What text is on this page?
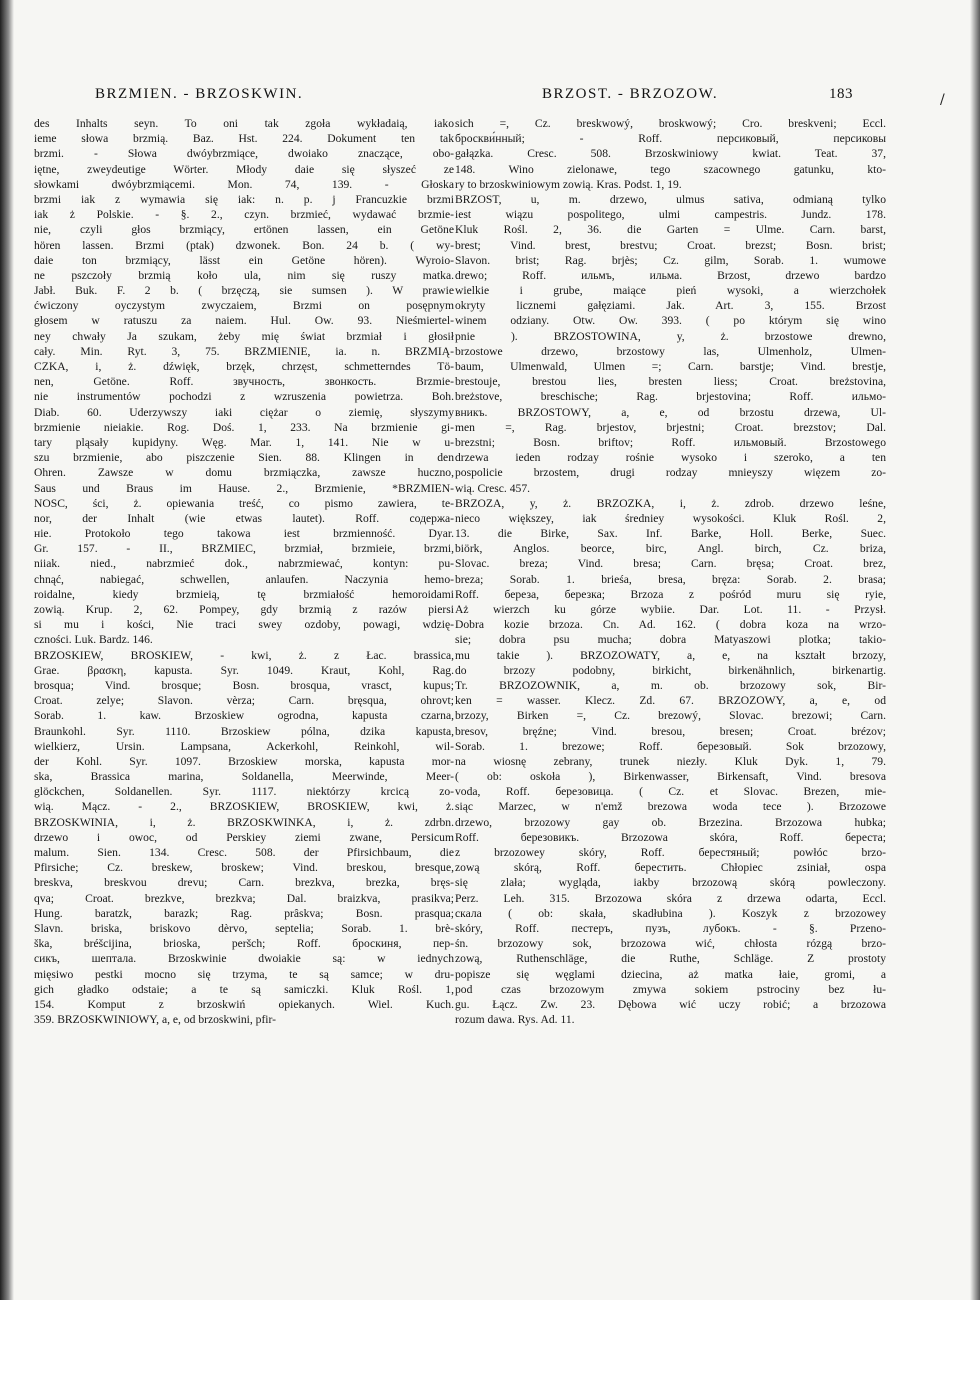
BRZMIEN. - BRZOSKWIN.	BRZOST. - BRZOZOW.	183	/
des Inhalts seyn. To oni tak zgoła wykładaią, iako
ieme słowa brzmią. Baz. Hst. 224. Dokument ten tak
brzmi. - Słowa dwóybrzmiące, dwoiako znaczące, obo-
iętne, zweydeutige Wörter. Młody daie się słyszeć ze
słowkami dwóybrzmiącemi. Mon. 74, 139. - Głoska
brzmi iak z wymawia się iak: n. p. j Francuzkie brzmi
iak ż Polskie. - §. 2., czyn. brzmieć, wydawać brzmie-
nie, czyli głos brzmiący, ertönen lassen, ein Getöne
hören lassen. Brzmi (ptak) dzwonek. Bon. 24 b. ( wy-
daie ton brzmiący, lässt ein Getöne hören). Wyroio-
ne pszczoły brzmią koło ula, nim się ruszy matka.
Jabł. Buk. F. 2 b. ( brzęczą, sie sumsen ). W prawie
ćwiczony oyczystym zwyczaiem, Brzmi on posępnym
głosem w ratuszu za naiem. Hul. Ow. 93. Nieśmiertel-
ney chwały Ja szukam, żeby mię świat brzmiał i głosił
cały. Min. Ryt. 3, 75. BRZMIENIE, ia. n. BRZMIĄ-
CZKA, i, ż. dźwięk, brzęk, chrzęst, schmetterndes Tö-
nen, Getöne. Roff. звучность, звонкость. Brzmie-
nie instrumentów pochodzi z wzruszenia powietrza. Boh.
Diab. 60. Uderzywszy iaki ciężar o ziemię, słyszymy
brzmienie nieiakie. Rog. Doś. 1, 233. Na brzmienie gi-
tary pląsały kupidyny. Węg. Mar. 1, 141. Nie w u-
szu brzmienie, abo piszczenie Sien. 88. Klingen in den
Ohren. Zawsze w domu brzmiączka, zawsze huczno,
Saus und Braus im Hause. 2., Brzmienie, *BRZMIEN-
NOSC, ści, ż. opiewania treść, co pismo zawiera, te-
nor, der Inhalt (wie etwas lautet). Roff. содержа-
ніе. Protokoło tego takowa iest brzmienność. Dyar.
Gr. 157. - II., BRZMIEC, brzmiał, brzmieie, brzmi,
niiak. nied., nabrzmieć dok., nabrzmiewać, kontyn: pu-
chnąć, nabiegać, schwellen, anlaufen. Naczynia hemo-
roidalne, kiedy brzmieią, tę brzmiałość hemoroidami
zowią. Krup. 2, 62. Pompey, gdy brzmią z razów piersi
si mu i kości, Nie traci swey ozdoby, powagi, wdzię-
czności. Luk. Bardz. 146.
BRZOSKIEW, BROSKIEW, - kwi, ż. z Łac. brassica,
Grae. βρασκη, kapusta. Syr. 1049. Kraut, Kohl, Rag.
brosqua; Vind. brosque; Bosn. brosqua, vrasct, kupus;
Croat. zelye; Slavon. vèrza; Carn. bręsqua, ohrovt;
Sorab. 1. kaw. Brzoskiew ogrodna, kapusta czarna,
Braunkohl. Syr. 1110. Brzoskiew pólna, dzika kapusta,
wielkierz, Ursin. Lampsana, Ackerkohl, Reinkohl, wil-
der Kohl. Syr. 1097. Brzoskiew morska, kapusta mor-
ska, Brassica marina, Soldanella, Meerwinde, Meer-
glöckchen, Soldanellen. Syr. 1117. niektórzy krcicą zo-
wią. Mącz. - 2., BRZOSKIEW, BROSKIEW, kwi, ż.
BRZOSKWINIA, i, ż. BRZOSKWINKA, i, ż. zdrbn.
drzewo i owoc, od Perskiey ziemi zwane, Persicum
malum. Sien. 134. Cresc. 508. der Pfirsichbaum, die
Pfirsiche; Cz. breskew, broskew; Vind. breskou, bresque,
breskva, breskvou drevu; Carn. brezkva, brezka, bręs-
qva; Croat. brezkve, brezkva; Dal. braizkva, prasikva;
Hung. baratzk, barazk; Rag. prâskva; Bosn. prasqua;
Slavn. briska, briskovo dèrvo, septelia; Sorab. 1. brè-
ška, bréšcijina, brioska, peršch; Roff. броскиня, пер-
сикъ, шептала. Brzoskwinie dwoiakie są: w iednych
mięsiwo pestki mocno się trzyma, te są samce; w dru-
gich gładko odstaie; a te są samiczki. Kluk Rośl. 1,
154. Komput z brzoskwiń opiekanych. Wiel. Kuch.
359. BRZOSKWINIOWY, a, e, od brzoskwini, pfir-
sich =, Cz. breskwowý, broskwowý; Cro. breskveni; Eccl.
броскви́нный; - Roff. персиковый, персиковы
gałązka. Cresc. 508. Brzoskwiniowy kwiat. Teat. 37,
148. Wino zielonawe, tego szacownego gatunku, kto-
ry to brzoskwiniowym zowią. Kras. Podst. 1, 19.
BRZOST, u, m. drzewo, ulmus sativa, odmianą tylko
iest wiązu pospolitego, ulmi campestris. Jundz. 178.
Kluk Rośl. 2, 36. die Garten = Ulme. Carn. barst,
brest; Vind. brest, brestvu; Croat. brezst; Bosn. brist;
Slavon. brist; Rag. brjès; Cz. gilm, Sorab. 1. wumowe
drewo; Roff. ильмъ, ильма. Brzost, drzewo bardzo
wielkie i grube, maiące pień wysoki, a wierzchołek
okryty licznemi gałęziami. Jak. Art. 3, 155. Brzost
winem odziany. Otw. Ow. 393. ( po którym się wino
pnie ). BRZOSTOWINA, y, ż. brzostowe drewno,
brzostowe drzewo, brzostowy las, Ulmenholz, Ulmen-
baum, Ulmenwald, Ulmen =; Carn. barstje; Vind. brestje,
brestouje, brestou lies, bresten liess; Croat. breżstovina,
breżstove, breschische; Rag. brjestovina; Roff. ильмо-
вникъ. BRZOSTOWY, a, e, od brzostu drzewa, Ul-
men =, Rag. brjestov, brjestni; Croat. brezstov; Dal.
brezstni; Bosn. briftov; Roff. ильмовый. Brzostowego
drzewa ieden rodzay rośnie wysoko i szeroko, a ten
pospolicie brzostem, drugi rodzay mnieyszy więzem zo-
wią. Cresc. 457.
BRZOZA, y, ż. BRZOZKA, i, ż. zdrob. drzewo leśne,
nieco większey, iak średniey wysokości. Kluk Rośl. 2,
13. die Birke, Sax. Inf. Barke, Holl. Berke, Suec.
biörk, Anglos. beorce, birc, Angl. birch, Cz. briza,
Slovac. breza; Vind. bresa; Carn. bręsa; Croat. brez,
breza; Sorab. 1. brieśa, bresa, bręza: Sorab. 2. brasa;
Roff. береза, березка; Brzoza z pośród muru się ryie,
Aż wierzch ku górze wybiie. Dar. Lot. 11. - Przysł.
Dobra kozie brzoza. Cn. Ad. 162. ( dobra koza na wrzo-
sie; dobra psu mucha; dobra Matyaszowi plotka; takio-
mu takie ). BRZOZOWATY, a, e, na kształt brzozy,
do brzozy podobny, birkicht, birkenähnlich, birkenartig.
Tr. BRZOZOWNIK, a, m. ob. brzozowy sok, Bir-
ken = wasser. Klecz. Zd. 67. BRZOZOWY, a, e, od
brzozy, Birken =, Cz. brezowý, Slovac. brezowi; Carn.
bresov, bręźne; Vind. bresou, bresen; Croat. brézov;
Sorab. 1. brezowe; Roff. березовый. Sok brzozowy,
na wiosnę zebrany, trunek niezły. Kluk Dyk. 1, 79.
( ob: oskoła ), Birkenwasser, Birkensaft, Vind. bresova
voda, Roff. березовица. ( Cz. et Slovac. Brezen, mie-
siąc Marzec, w n'emž brezowa woda tece ). Brzozowe
drzewo, brzozowy gay ob. Brzezina. Brzozowa hubka;
Roff. березовикъ. Brzozowa skóra, Roff. береста;
z brzozowey skóry, Roff. берестяный; powłóc brzo-
zową skórą, Roff. берестить. Chłopiec zsiniał, ospa
się zlała; wygląda, iakby brzozową skórą powleczony.
Perz. Leh. 315. Brzozowa skóra z drzewa odarta, Eccl.
скала ( ob: skała, skadłubina ). Koszyk z brzozowey
skóry, Roff. пестеръ, пузъ, лубокъ. - §. Przeno-
śn. brzozowy sok, brzozowa wić, chłosta rózgą brzo-
zową, Ruthenschläge, die Ruthe, Schläge. Z prostoty
popisze się węglami dziecina, aż matka łaie, gromi, a
pod czas brzozowym zmywa sokiem pstrociny bez łu-
gu. Łącz. Zw. 23. Dębowa wić uczy robić; a brzozowa
rozum dawa. Rys. Ad. 11.
